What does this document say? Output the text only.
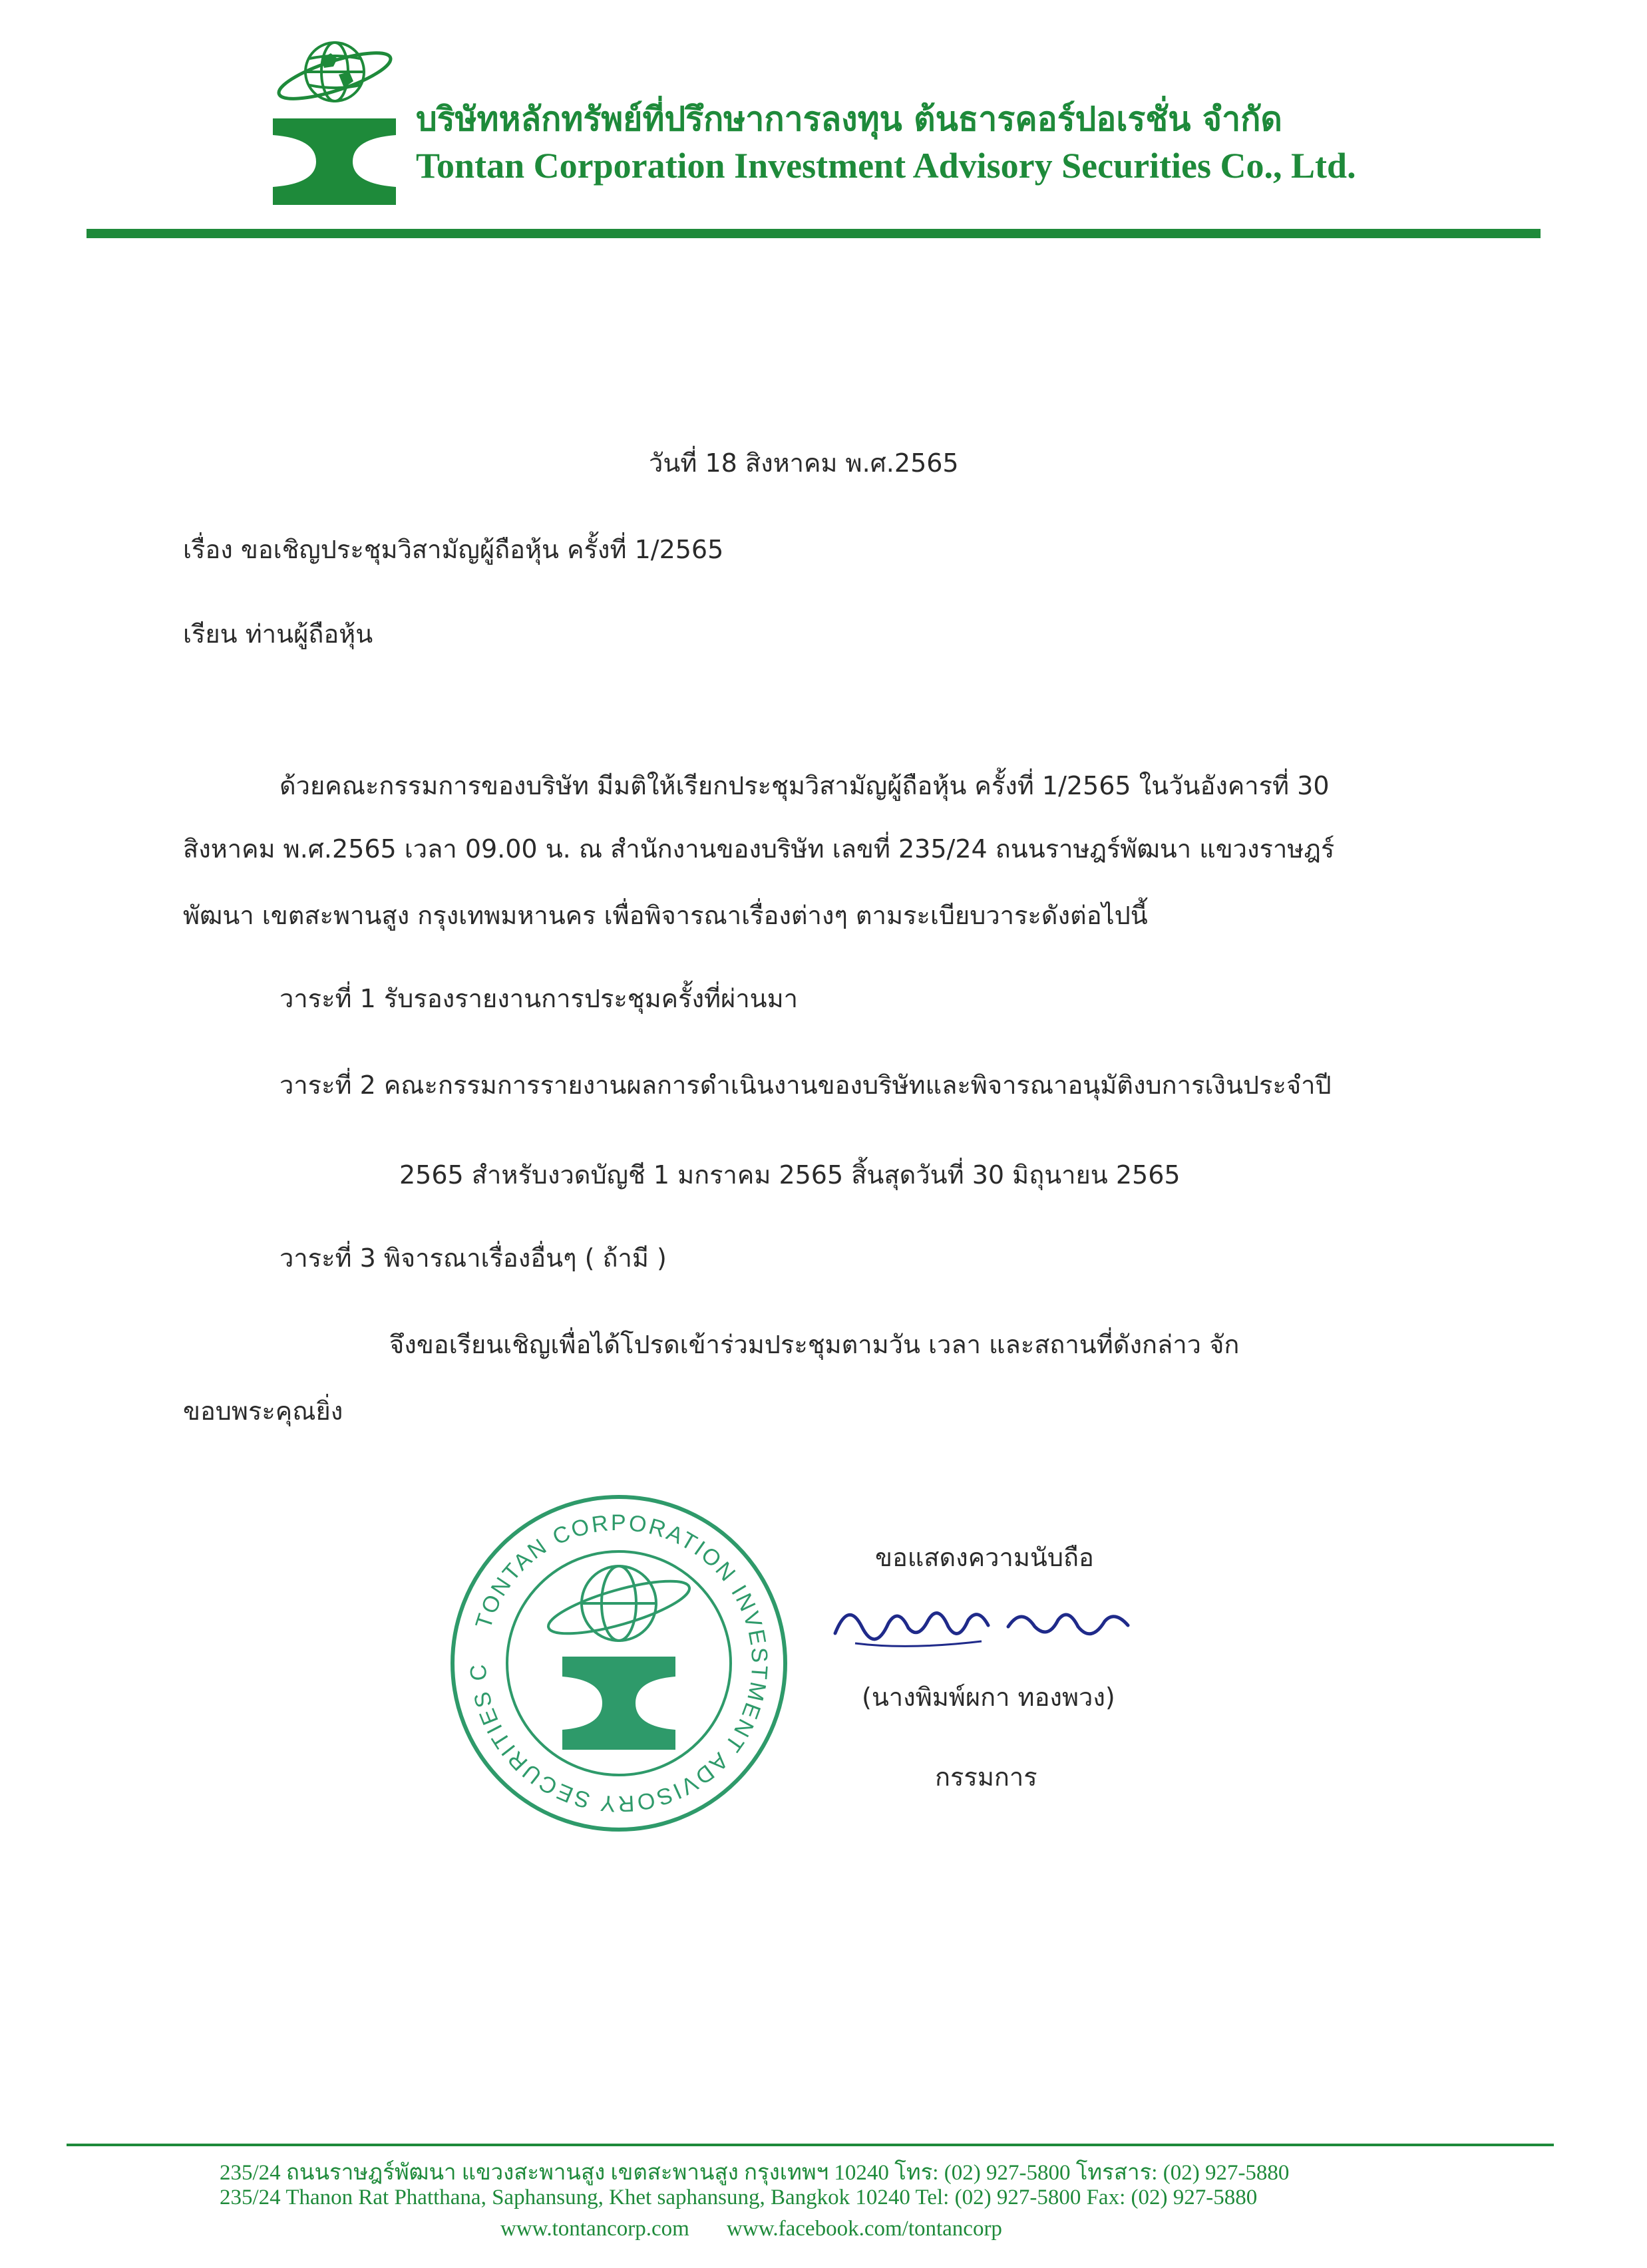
บริษัทหลักทรัพย์ที่ปรึกษาการลงทุน ต้นธารคอร์ปอเรชั่น จำกัด
Tontan Corporation Investment Advisory Securities Co., Ltd.
วันที่ 18 สิงหาคม พ.ศ.2565
เรื่อง ขอเชิญประชุมวิสามัญผู้ถือหุ้น ครั้งที่ 1/2565
เรียน ท่านผู้ถือหุ้น
ด้วยคณะกรรมการของบริษัท มีมติให้เรียกประชุมวิสามัญผู้ถือหุ้น ครั้งที่ 1/2565 ในวันอังคารที่ 30
สิงหาคม พ.ศ.2565 เวลา 09.00 น. ณ สำนักงานของบริษัท เลขที่ 235/24 ถนนราษฎร์พัฒนา แขวงราษฎร์
พัฒนา เขตสะพานสูง กรุงเทพมหานคร เพื่อพิจารณาเรื่องต่างๆ ตามระเบียบวาระดังต่อไปนี้
วาระที่ 1 รับรองรายงานการประชุมครั้งที่ผ่านมา
วาระที่ 2 คณะกรรมการรายงานผลการดำเนินงานของบริษัทและพิจารณาอนุมัติงบการเงินประจำปี
2565 สำหรับงวดบัญชี 1 มกราคม 2565 สิ้นสุดวันที่ 30 มิถุนายน 2565
วาระที่ 3 พิจารณาเรื่องอื่นๆ ( ถ้ามี )
จึงขอเรียนเชิญเพื่อได้โปรดเข้าร่วมประชุมตามวัน เวลา และสถานที่ดังกล่าว จัก
ขอบพระคุณยิ่ง
TONTAN CORPORATION INVESTMENT ADVISORY SECURITIES C
ขอแสดงความนับถือ
(นางพิมพ์ผกา ทองพวง)
กรรมการ
235/24 ถนนราษฎร์พัฒนา แขวงสะพานสูง เขตสะพานสูง กรุงเทพฯ 10240 โทร: (02) 927-5800 โทรสาร: (02) 927-5880
235/24 Thanon Rat Phatthana, Saphansung, Khet saphansung, Bangkok 10240 Tel: (02) 927-5800 Fax: (02) 927-5880
www.tontancorp.com www.facebook.com/tontancorp
